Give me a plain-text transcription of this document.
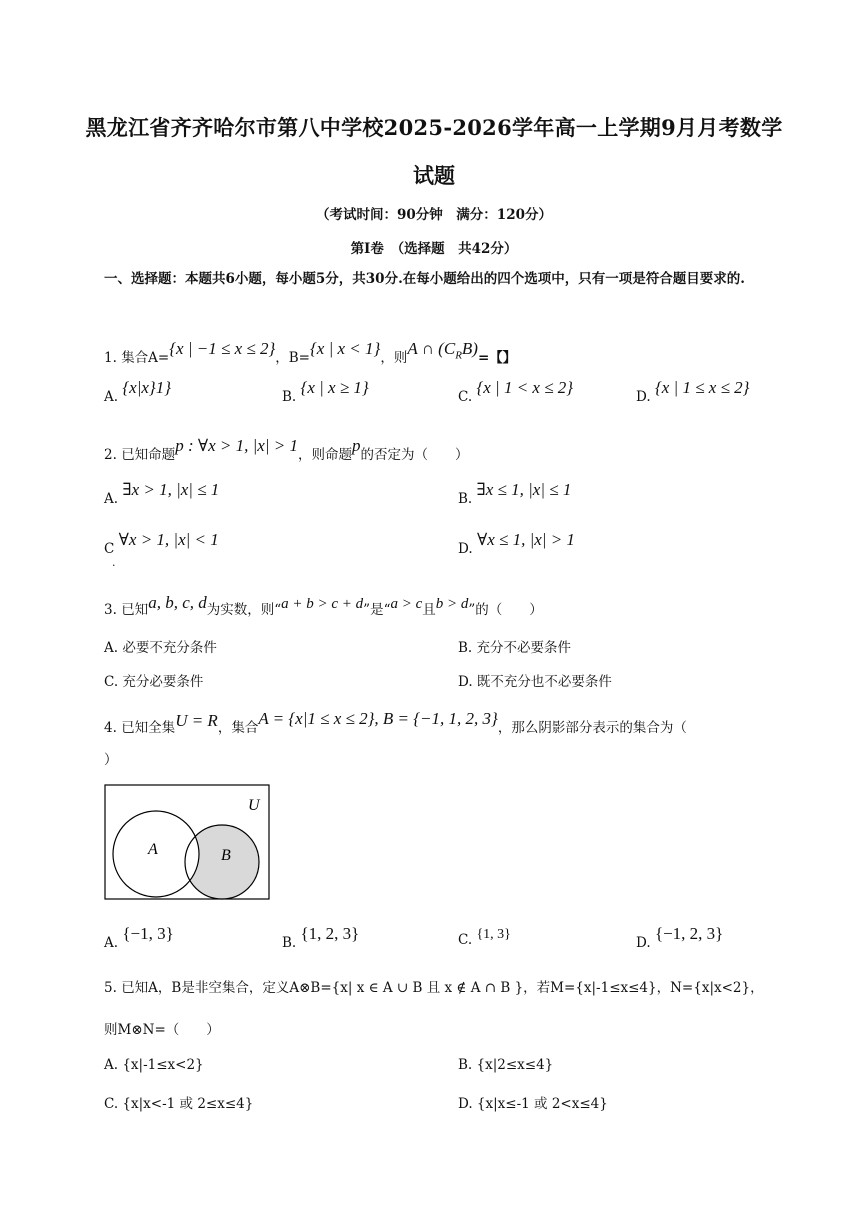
黑龙江省齐齐哈尔市第八中学校2025-2026学年高一上学期9月月考数学
试题
（考试时间：90分钟　满分：120分）
第Ⅰ卷　（选择题　共42分）
一、选择题：本题共6小题，每小题5分，共30分.在每小题给出的四个选项中，只有一项是符合题目要求的.
1. 集合A={x | −1 ≤ x ≤ 2}，B={x | x < 1}，则A ∩ $(C_RB)=$【】
A. {x|x}1}	B. {x | x ≥ 1}	C. {x | 1 < x ≤ 2}	D. {x | 1 ≤ x ≤ 2}
2. 已知命题p : ∀x > 1, |x| > 1，则命题p的否定为（　　）
A. ∃x > 1, |x| ≤ 1	B. ∃x ≤ 1, |x| ≤ 1
C ∀x > 1, |x| < 1
.
D. ∀x ≤ 1, |x| > 1
3. 已知a, b, c, d为实数，则“a + b > c + d”是“a > c且b > d”的（　　）
A. 必要不充分条件	B. 充分不必要条件
C. 充分必要条件	D. 既不充分也不必要条件
4. 已知全集U = R，集合A = {x|1 ≤ x ≤ 2}, B = {−1, 1, 2, 3}，那么阴影部分表示的集合为（
）
U
A	B
A. {−1, 3}	B. {1, 2, 3}	C. {1, 3}
D. {−1, 2, 3}
5. 已知A，B是非空集合，定义A⊗B={x| x ∈ A ∪ B 且 x ∉ A ∩ B }，若M={x|-1≤x≤4}，N={x|x<2}，
则M⊗N=（　　）
A. {x|-1≤x<2}	B. {x|2≤x≤4}
C. {x|x<-1 或 2≤x≤4}	D. {x|x≤-1 或 2<x≤4}
